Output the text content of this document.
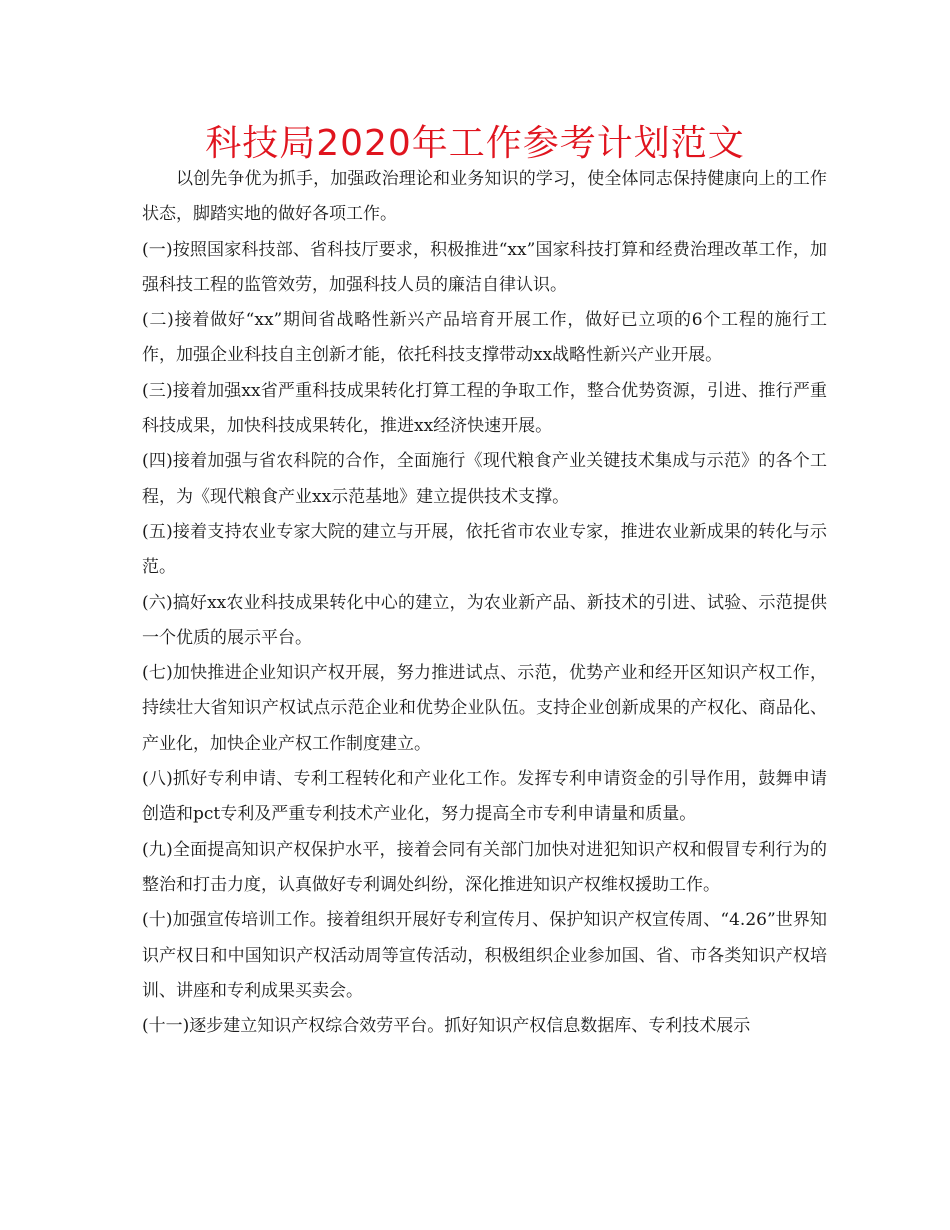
科技局2020年工作参考计划范文

以创先争优为抓手，加强政治理论和业务知识的学习，使全体同志保持健康向上的工作状态，脚踏实地的做好各项工作。

(一)按照国家科技部、省科技厅要求，积极推进“xx”国家科技打算和经费治理改革工作，加强科技工程的监管效劳，加强科技人员的廉洁自律认识。

(二)接着做好“xx”期间省战略性新兴产品培育开展工作，做好已立项的6个工程的施行工作，加强企业科技自主创新才能，依托科技支撑带动xx战略性新兴产业开展。

(三)接着加强xx省严重科技成果转化打算工程的争取工作，整合优势资源，引进、推行严重科技成果，加快科技成果转化，推进xx经济快速开展。

(四)接着加强与省农科院的合作，全面施行《现代粮食产业关键技术集成与示范》的各个工程，为《现代粮食产业xx示范基地》建立提供技术支撑。

(五)接着支持农业专家大院的建立与开展，依托省市农业专家，推进农业新成果的转化与示范。

(六)搞好xx农业科技成果转化中心的建立，为农业新产品、新技术的引进、试验、示范提供一个优质的展示平台。

(七)加快推进企业知识产权开展，努力推进试点、示范，优势产业和经开区知识产权工作，持续壮大省知识产权试点示范企业和优势企业队伍。支持企业创新成果的产权化、商品化、产业化，加快企业产权工作制度建立。

(八)抓好专利申请、专利工程转化和产业化工作。发挥专利申请资金的引导作用，鼓舞申请创造和pct专利及严重专利技术产业化，努力提高全市专利申请量和质量。

(九)全面提高知识产权保护水平，接着会同有关部门加快对进犯知识产权和假冒专利行为的整治和打击力度，认真做好专利调处纠纷，深化推进知识产权维权援助工作。

(十)加强宣传培训工作。接着组织开展好专利宣传月、保护知识产权宣传周、“4.26”世界知识产权日和中国知识产权活动周等宣传活动，积极组织企业参加国、省、市各类知识产权培训、讲座和专利成果买卖会。

(十一)逐步建立知识产权综合效劳平台。抓好知识产权信息数据库、专利技术展示
